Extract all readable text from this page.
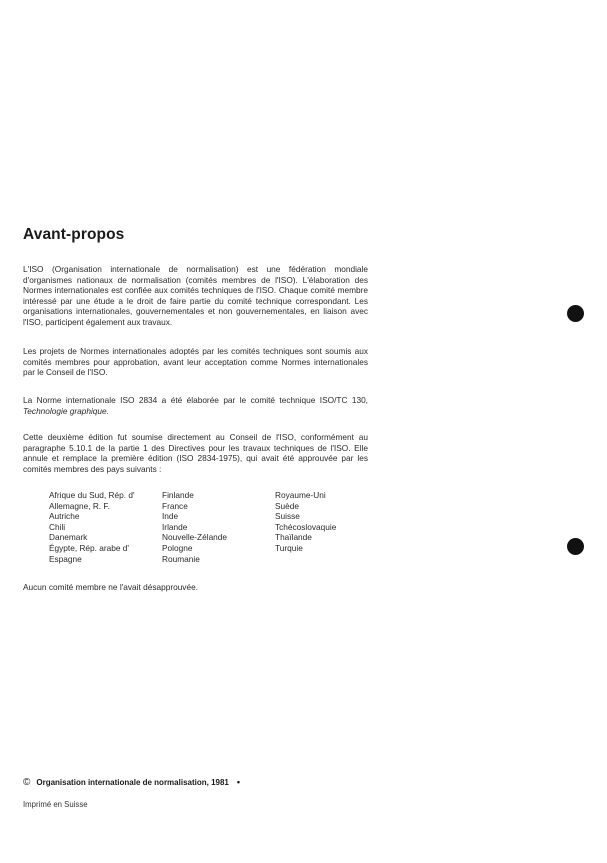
Avant-propos

L'ISO (Organisation internationale de normalisation) est une fédération mondiale d'organismes nationaux de normalisation (comités membres de l'ISO). L'élaboration des Normes internationales est confiée aux comités techniques de l'ISO. Chaque comité membre intéressé par une étude a le droit de faire partie du comité technique correspondant. Les organisations internationales, gouvernementales et non gouvernementales, en liaison avec l'ISO, participent également aux travaux.

Les projets de Normes internationales adoptés par les comités techniques sont soumis aux comités membres pour approbation, avant leur acceptation comme Normes internationales par le Conseil de l'ISO.

La Norme internationale ISO 2834 a été élaborée par le comité technique ISO/TC 130, Technologie graphique.

Cette deuxième édition fut soumise directement au Conseil de l'ISO, conformément au paragraphe 5.10.1 de la partie 1 des Directives pour les travaux techniques de l'ISO. Elle annule et remplace la première édition (ISO 2834-1975), qui avait été approuvée par les comités membres des pays suivants :

Afrique du Sud, Rép. d'
Allemagne, R. F.
Autriche
Chili
Danemark
Égypte, Rép. arabe d'
Espagne
Finlande
France
Inde
Irlande
Nouvelle-Zélande
Pologne
Roumanie
Royaume-Uni
Suède
Suisse
Tchécoslovaquie
Thaïlande
Turquie

Aucun comité membre ne l'avait désapprouvée.

© Organisation internationale de normalisation, 1981 •
Imprimé en Suisse
